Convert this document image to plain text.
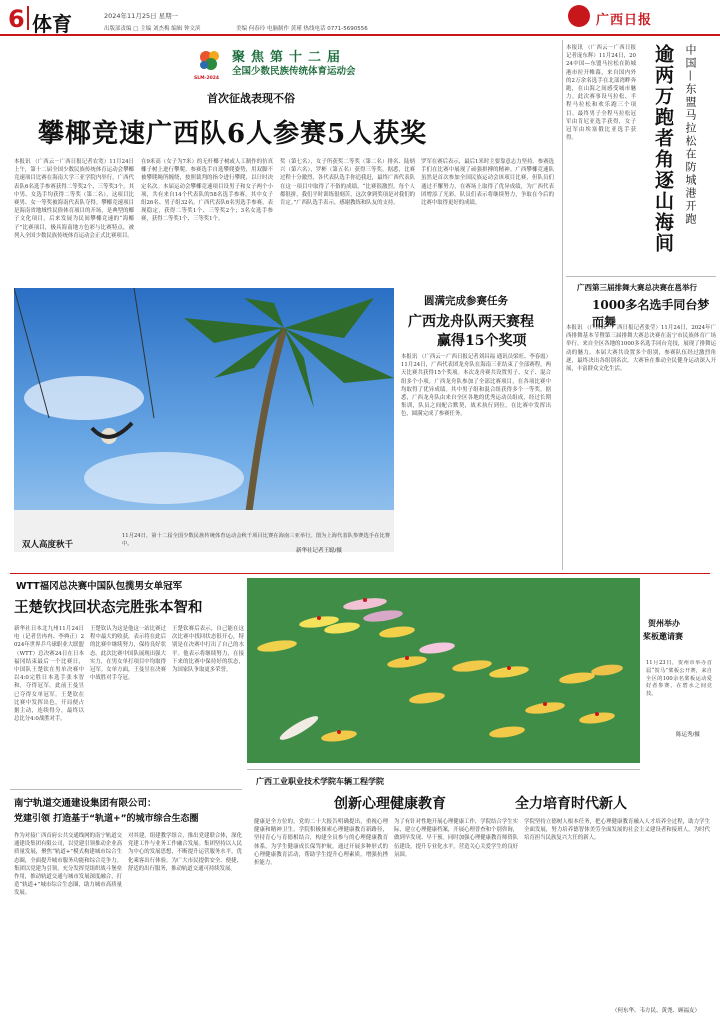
6 体育	2024年11月25日 星期一
出版部责编 □ 主编 刘杰梅 编辑 钟文滨	美编 何春玲 电脑制作 黄瑾 热线电话 0771-5690556
广西日报
SLM-2024
聚焦第十二届
全国少数民族传统体育运动会
首次征战表现不俗
攀椰竞速广西队6人参赛5人获奖
本报讯 （广西云－广西日报记者农宽）11月24日上午，第十二届全国少数民族传统体育运动会攀椰竞速项目比赛在海南大学三亚学院内举行。广西代表队6名选手参赛获得二等奖2个、三等奖3个。其中男、女选手均获得二等奖（第二名），这项目比赛男、女一等奖被海南代表队夺得。攀椰竞速项目是海南省地域性民俗体育项目的开场，是典型的椰子文化项目，后来发展为民间攀椰竞速的“海椰子”比赛项目，极具海南地方色彩与比赛特点，被列入全国少数民族传统体育运动会正式比赛项目。
在9米高（女子为7米）的无杆椰子树或人工制作的仿真椰子树上进行攀爬。参赛选手自选攀爬姿势，用双脚不被攀爬绳所缠绕，按照裁判的指令进行攀爬，以计时决定名次。本届运动会攀椰竞速项目设男子和女子两个小项，共有来自14个代表队的58名选手参赛，其中女子组26名、男子组32名。广西代表队6名男选手参赛，表现稳定，获得二等奖1个、三等奖2个；3名女选手参赛，获得二等奖1个、三等奖1个。
奖（第七名），女子所获奖二等奖（第二名）排名、陆炳兴（第六名），罗彬（第五名）获得三等奖。据悉，比赛过程十分激烈，各代表队选手你追我赶，最终广西代表队在这一项目中取得了不俗的成绩。“比赛很激烈，每个人都很拼，我们平时训练很刻苦，这次拿到奖项是对我们的肯定。”广西队选手表示，感谢教练和队友的支持。
罗军在赛后表示，最后1米时主要靠意志力坚持。参赛选手们在比赛中展现了顽强拼搏的精神。广西攀椰竞速队虽然是首次参加全国民族运动会该项目比赛，但队员们通过不懈努力，在赛场上取得了优异成绩，为广西代表团增添了光彩。队员们表示将继续努力，争取在今后的比赛中取得更好的成绩。
双人高度秋千
11月24日，第十二届全国少数民族传统体育运动会秋千项目比赛在海南三亚举行。图为上海代表队参赛选手在比赛中。
新华社记者王聪/摄
圆满完成参赛任务
广西龙舟队两天赛程
赢得15个奖项
本报讯 （广西云－广西日报记者刘昌福 通讯员梁旺、李春霞）11月24日，广西代表团龙舟队在海南三亚结束了全部赛程，两天比赛共获得15个奖项。本次龙舟赛共设置男子、女子、混合组多个小项。广西龙舟队参加了全部比赛项目，在各项比赛中均取得了优异成绩。其中男子组和混合组获得多个一等奖。据悉，广西龙舟队由来自全区各地的优秀运动员组成，经过长期集训，队员之间配合默契，战术执行到位，在比赛中发挥出色，圆满完成了参赛任务。
本报讯 （广西云－广西日报记者庞东辉）11月24日，2024中国—东盟马拉松在防城港市拉开帷幕，来自国内外的2万余名选手在北部湾畔奔跑，在山海之间感受城市魅力。此次赛事设马拉松、半程马拉松和欢乐跑三个项目。最终男子全程马拉松冠军由肯尼亚选手获得，女子冠军由埃塞俄比亚选手获得。	中国—东盟马拉松在防城港开跑
逾两万跑者角逐山海间
广西第三届排舞大赛总决赛在邕举行
1000多名选手同台梦而舞
本报讯 （广西云－广西日报记者张莹）11月24日，2024年广西排舞基本节暨第三届排舞大赛总决赛在南宁市民族体育广场举行。来自全区各地的1000多名选手同台竞技，展现了排舞运动的魅力。本届大赛共设置多个组别，参赛队伍经过激烈角逐，最终决出各组别名次。大赛旨在推动全民健身运动深入开展，丰富群众文化生活。
WTT福冈总决赛中国队包揽男女单冠军
王楚钦找回状态完胜张本智和
新华社日本北九州11月24日电（记者岳冉冉、李典正）2024年世界乒乓球职业大联盟（WTT）总决赛24日在日本福冈结束最后一个比赛日，中国队王楚钦在男单决赛中以4:0完胜日本选手张本智和，夺得冠军。此前王曼昱已夺得女单冠军。王楚钦在比赛中发挥出色，开局便占据主动，连续得分，最终以总比分4:0战胜对手。
王楚钦认为这是他这一站比赛过程中最大的收获，表示将在此后的比赛中继续努力，保持良好状态。此次比赛中国队展现出强大实力，在男女单打项目中均取得冠军。女单方面，王曼昱在决赛中战胜对手夺冠。
王楚钦赛后表示，自己能在这次比赛中找回状态很开心，特别是在决赛中打出了自己的水平。他表示将继续努力，在接下来的比赛中保持好的状态，为国家队争取更多荣誉。
贺州举办
桨板邀请赛
11月23日，贺州市举办首届“贺马”桨板公开赛，来自全区的100余名桨板运动爱好者参赛，在碧水之间竞技。
陈运秀/摄
南宁轨道交通建设集团有限公司：
党建引领 打造基于“轨道+”的城市综合生态圈
作为对接广西首府公共交通线网的南宁轨道交通建设集团有限公司，以党建引领推动企业高质量发展，聚焦“轨道+”模式构建城市综合生态圈，全面提升城市服务功能和综合竞争力。集团以党建为引领，充分发挥党组织战斗堡垒作用，推动轨道交通与城市发展深度融合，打造“轨道+”城市综合生态圈，助力城市高质量发展。
对其建，组建教学组合，推出党建联合体，深化党建工作与业务工作融合发展。集团坚持以人民为中心的发展思想，不断提升运营服务水平，优化乘客出行体验，为广大市民提供安全、便捷、舒适的出行服务，推动轨道交通可持续发展。
广西工业职业技术学院车辆工程学院
创新心理健康教育	全力培育时代新人
健康是全方位的，党的二十大报告明确提出，重视心理健康和精神卫生。学院积极探索心理健康教育新路径，坚持育心与育德相结合，构建全员参与的心理健康教育体系，为学生健康成长保驾护航。通过开展多种形式的心理健康教育活动，帮助学生提升心理素质，增强抗挫折能力。
为了有针对性地开展心理健康工作，学院结合学生实际，建立心理健康档案，开展心理普查和个别咨询，做到早发现、早干预。同时加强心理健康教育师资队伍建设，提升专业化水平，营造关心关爱学生的良好氛围。
学院坚持立德树人根本任务，把心理健康教育融入人才培养全过程，助力学生全面发展，努力培养德智体美劳全面发展的社会主义建设者和接班人，为时代培育担当民族复兴大任的新人。
（何东华、韦方民、黄尧、顾福友）
